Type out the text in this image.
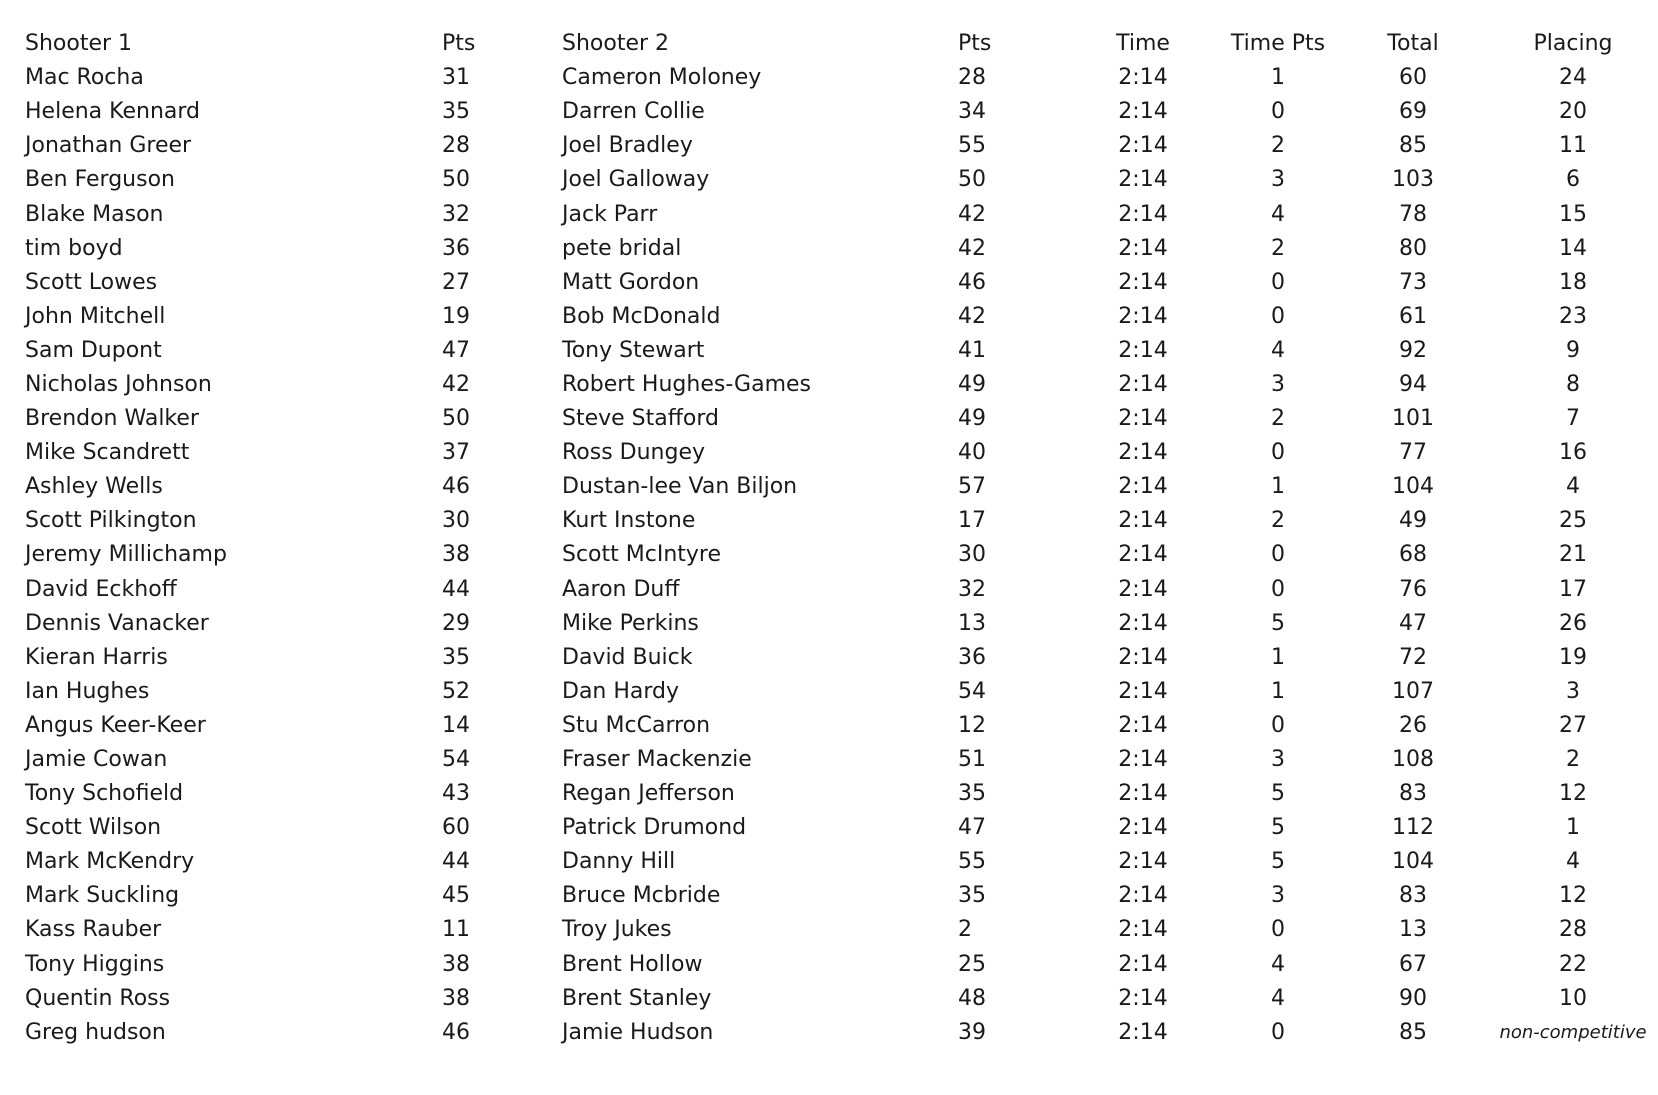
Shooter 1	Pts	Shooter 2	Pts	Time	Time Pts	Total	Placing
Mac Rocha	31	Cameron Moloney	28	2:14	1	60	24
Helena Kennard	35	Darren Collie	34	2:14	0	69	20
Jonathan Greer	28	Joel Bradley	55	2:14	2	85	11
Ben Ferguson	50	Joel Galloway	50	2:14	3	103	6
Blake Mason	32	Jack Parr	42	2:14	4	78	15
tim boyd	36	pete bridal	42	2:14	2	80	14
Scott Lowes	27	Matt Gordon	46	2:14	0	73	18
John Mitchell	19	Bob McDonald	42	2:14	0	61	23
Sam Dupont	47	Tony Stewart	41	2:14	4	92	9
Nicholas Johnson	42	Robert Hughes-Games	49	2:14	3	94	8
Brendon Walker	50	Steve Stafford	49	2:14	2	101	7
Mike Scandrett	37	Ross Dungey	40	2:14	0	77	16
Ashley Wells	46	Dustan-lee Van Biljon	57	2:14	1	104	4
Scott Pilkington	30	Kurt Instone	17	2:14	2	49	25
Jeremy Millichamp	38	Scott McIntyre	30	2:14	0	68	21
David Eckhoff	44	Aaron Duff	32	2:14	0	76	17
Dennis Vanacker	29	Mike Perkins	13	2:14	5	47	26
Kieran Harris	35	David Buick	36	2:14	1	72	19
Ian Hughes	52	Dan Hardy	54	2:14	1	107	3
Angus Keer-Keer	14	Stu McCarron	12	2:14	0	26	27
Jamie Cowan	54	Fraser Mackenzie	51	2:14	3	108	2
Tony Schofield	43	Regan Jefferson	35	2:14	5	83	12
Scott Wilson	60	Patrick Drumond	47	2:14	5	112	1
Mark McKendry	44	Danny Hill	55	2:14	5	104	4
Mark Suckling	45	Bruce Mcbride	35	2:14	3	83	12
Kass Rauber	11	Troy Jukes	2	2:14	0	13	28
Tony Higgins	38	Brent Hollow	25	2:14	4	67	22
Quentin Ross	38	Brent Stanley	48	2:14	4	90	10
Greg hudson	46	Jamie Hudson	39	2:14	0	85	non-competitive
